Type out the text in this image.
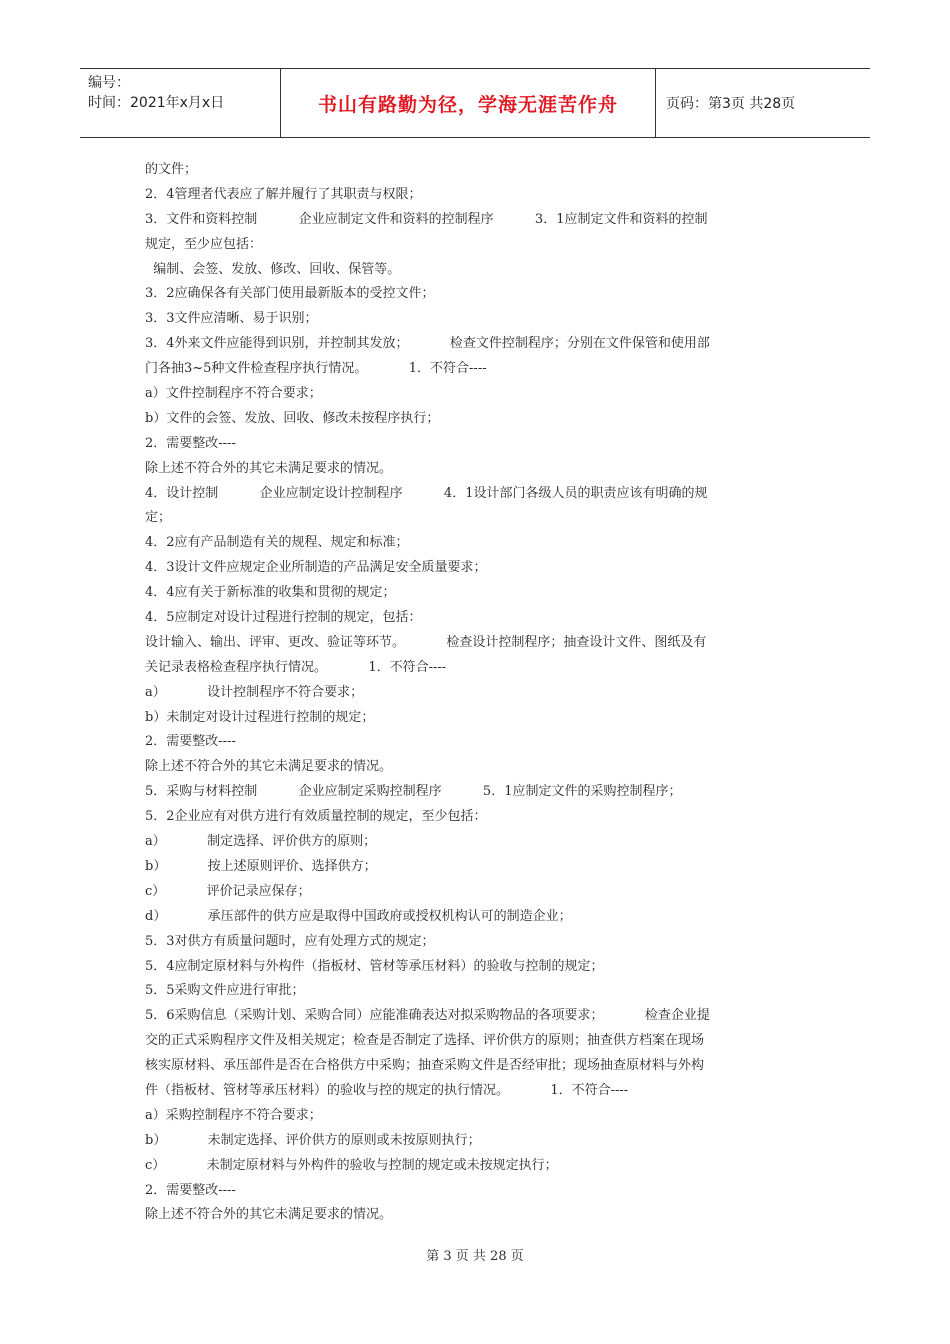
编号：
时间：2021年x月x日	书山有路勤为径，学海无涯苦作舟	页码：第3页 共28页
的文件；
2．4管理者代表应了解并履行了其职责与权限；
3．文件和资料控制          企业应制定文件和资料的控制程序          3．1应制定文件和资料的控制
规定，至少应包括：
编制、会签、发放、修改、回收、保管等。
3．2应确保各有关部门使用最新版本的受控文件；
3．3文件应清晰、易于识别；
3．4外来文件应能得到识别，并控制其发放；          检查文件控制程序；分别在文件保管和使用部
门各抽3~5种文件检查程序执行情况。          1．不符合----
a）文件控制程序不符合要求；
b）文件的会签、发放、回收、修改未按程序执行；
2．需要整改----
除上述不符合外的其它未满足要求的情况。
4．设计控制          企业应制定设计控制程序          4．1设计部门各级人员的职责应该有明确的规
定；
4．2应有产品制造有关的规程、规定和标准；
4．3设计文件应规定企业所制造的产品满足安全质量要求；
4．4应有关于新标准的收集和贯彻的规定；
4．5应制定对设计过程进行控制的规定，包括：
设计输入、输出、评审、更改、验证等环节。          检查设计控制程序；抽查设计文件、图纸及有
关记录表格检查程序执行情况。          1．不符合----
a）          设计控制程序不符合要求；
b）未制定对设计过程进行控制的规定；
2．需要整改----
除上述不符合外的其它未满足要求的情况。
5．采购与材料控制          企业应制定采购控制程序          5．1应制定文件的采购控制程序；
5．2企业应有对供方进行有效质量控制的规定，至少包括：
a）          制定选择、评价供方的原则；
b）          按上述原则评价、选择供方；
c）          评价记录应保存；
d）          承压部件的供方应是取得中国政府或授权机构认可的制造企业；
5．3对供方有质量问题时，应有处理方式的规定；
5．4应制定原材料与外构件（指板材、管材等承压材料）的验收与控制的规定；
5．5采购文件应进行审批；
5．6采购信息（采购计划、采购合同）应能准确表达对拟采购物品的各项要求；          检查企业提
交的正式采购程序文件及相关规定；检查是否制定了选择、评价供方的原则；抽查供方档案在现场
核实原材料、承压部件是否在合格供方中采购；抽查采购文件是否经审批；现场抽查原材料与外构
件（指板材、管材等承压材料）的验收与控的规定的执行情况。          1．不符合----
a）采购控制程序不符合要求；
b）          未制定选择、评价供方的原则或未按原则执行；
c）          未制定原材料与外构件的验收与控制的规定或未按规定执行；
2．需要整改----
除上述不符合外的其它未满足要求的情况。
第 3 页 共 28 页
